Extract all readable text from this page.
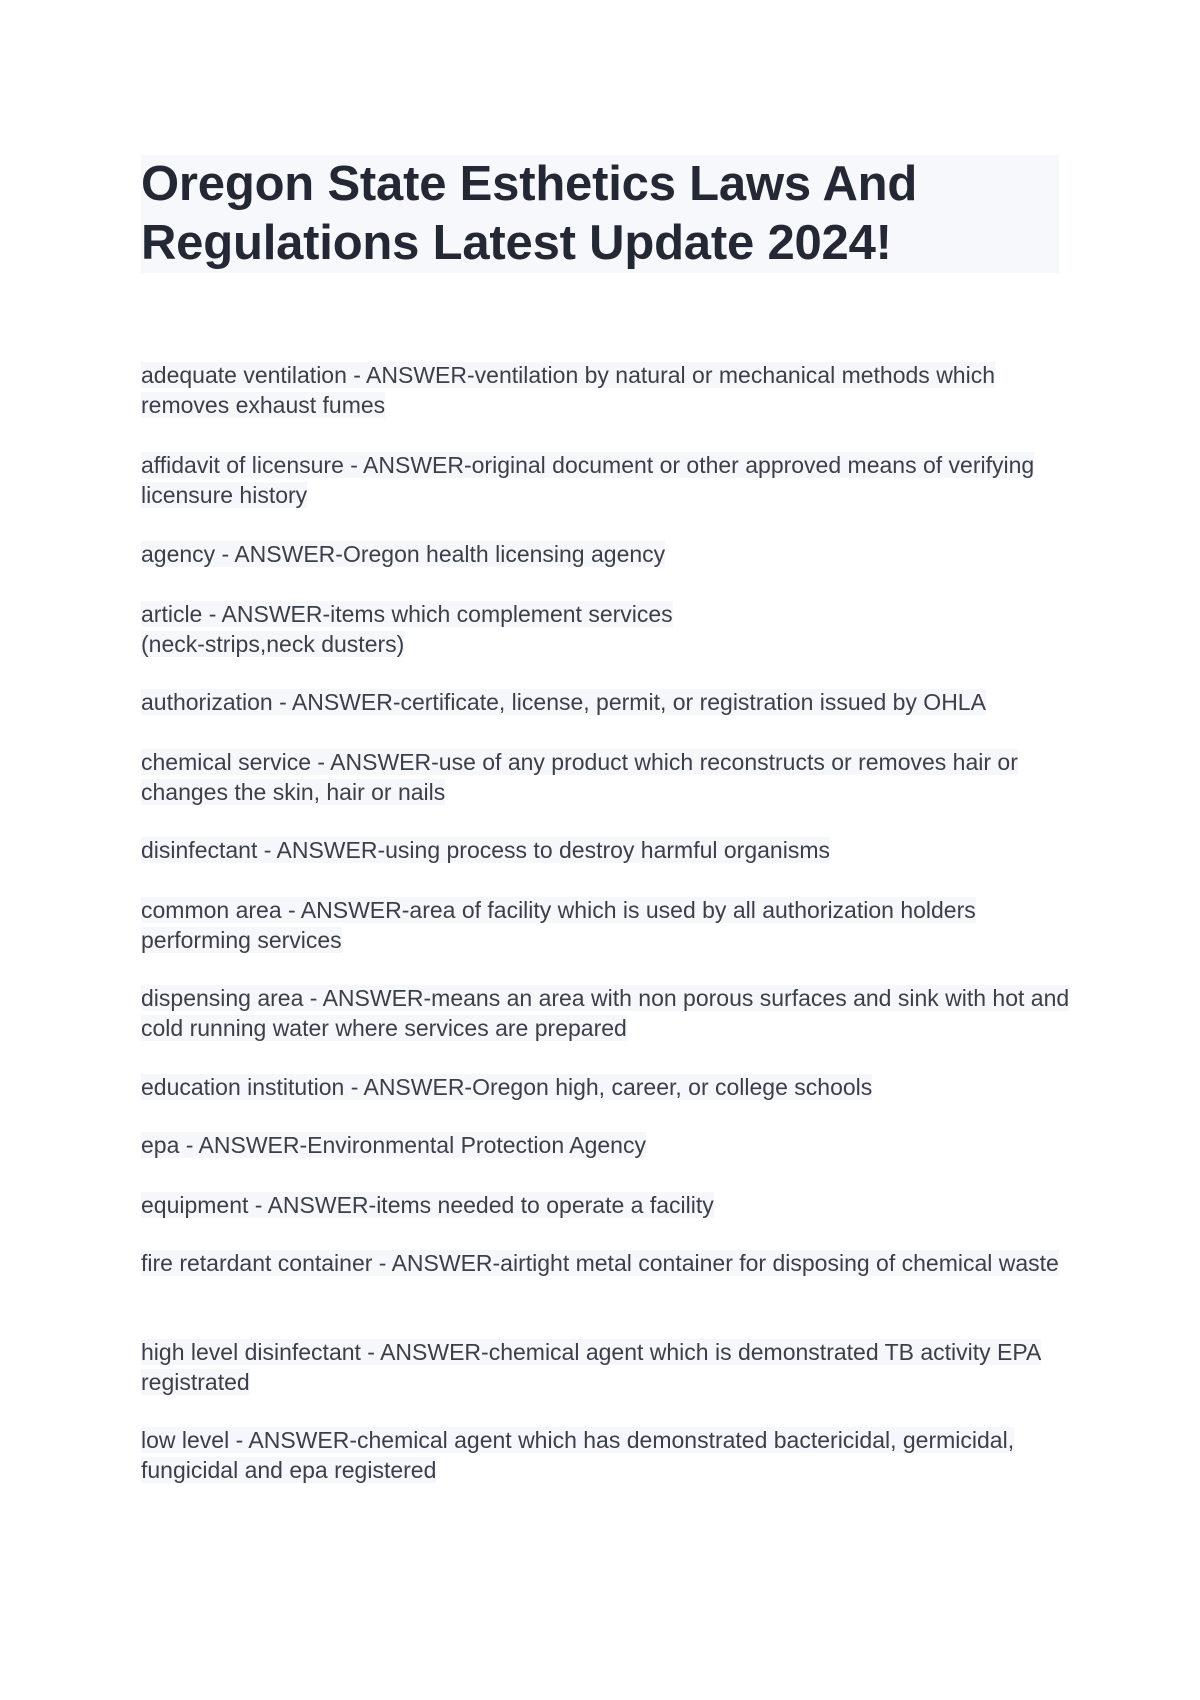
Oregon State Esthetics Laws And Regulations Latest Update 2024!
adequate ventilation - ANSWER-ventilation by natural or mechanical methods which removes exhaust fumes
affidavit of licensure - ANSWER-original document or other approved means of verifying licensure history
agency - ANSWER-Oregon health licensing agency
article - ANSWER-items which complement services
(neck-strips,neck dusters)
authorization - ANSWER-certificate, license, permit, or registration issued by OHLA
chemical service - ANSWER-use of any product which reconstructs or removes hair or changes the skin, hair or nails
disinfectant - ANSWER-using process to destroy harmful organisms
common area - ANSWER-area of facility which is used by all authorization holders performing services
dispensing area - ANSWER-means an area with non porous surfaces and sink with hot and cold running water where services are prepared
education institution - ANSWER-Oregon high, career, or college schools
epa - ANSWER-Environmental Protection Agency
equipment - ANSWER-items needed to operate a facility
fire retardant container - ANSWER-airtight metal container for disposing of chemical waste
high level disinfectant - ANSWER-chemical agent which is demonstrated TB activity EPA registrated
low level - ANSWER-chemical agent which has demonstrated bactericidal, germicidal, fungicidal and epa registered
